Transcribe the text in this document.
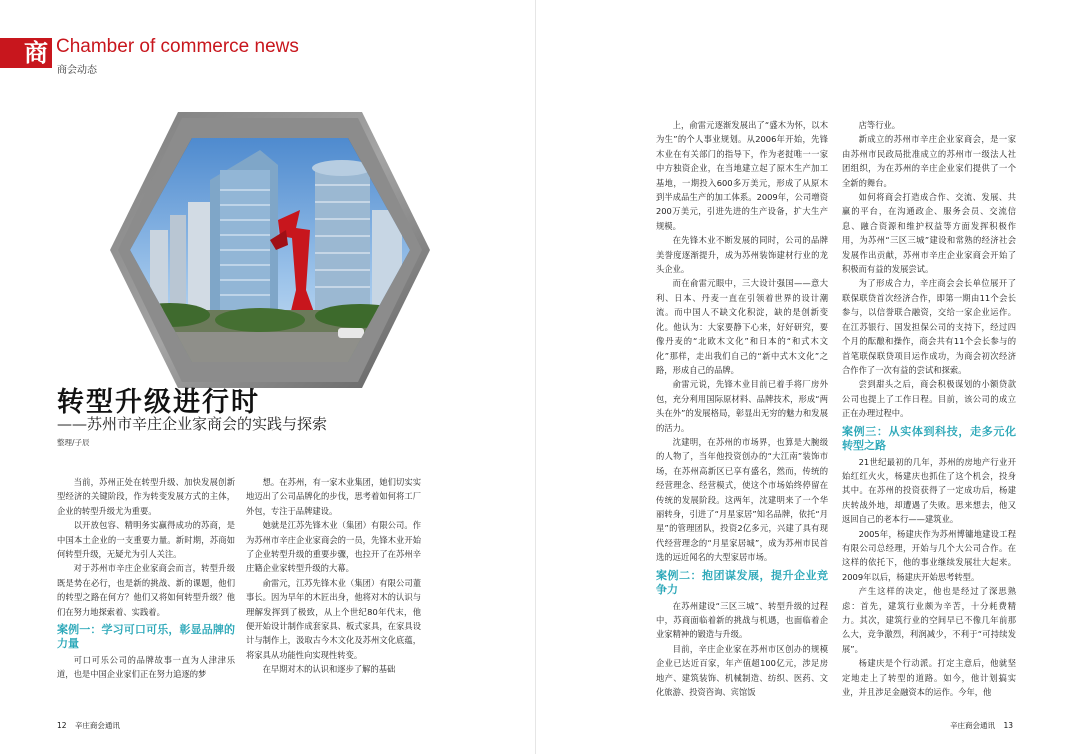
商 Chamber of commerce news
商会动态
转型升级进行时
——苏州市辛庄企业家商会的实践与探索
整理/子辰

当前，苏州正处在转型升级、加快发展创新型经济的关键阶段，作为转变发展方式的主体，企业的转型升级尤为重要。

以开放包容、精明务实赢得成功的苏商，是中国本土企业的一支重要力量。新时期，苏商如何转型升级，无疑尤为引人关注。

对于苏州市辛庄企业家商会而言，转型升级既是势在必行，也是新的挑战、新的课题，他们的转型之路在何方？他们又将如何转型升级？他们在努力地探索着、实践着。

案例一：学习可口可乐，彰显品牌的力量

可口可乐公司的品牌故事一直为人津津乐道，也是中国企业家们正在努力追逐的梦

想。在苏州，有一家木业集团，她们切实实地迈出了公司品牌化的步伐，思考着如何将工厂外包，专注于品牌建设。

她就是江苏先锋木业（集团）有限公司。作为苏州市辛庄企业家商会的一员，先锋木业开始了企业转型升级的重要步骤，也拉开了在苏州辛庄籍企业家转型升级的大幕。

俞雷元，江苏先锋木业（集团）有限公司董事长。因为早年的木匠出身，他将对木的认识与理解发挥到了极致，从上个世纪80年代末，他便开始设计制作成套家具、板式家具，在家具设计与制作上，汲取古今木文化及苏州文化底蕴，将家具从功能性向实现性转变。

在早期对木的认识和逐步了解的基础

12 辛庄商会通讯

上，俞雷元逐渐发展出了“盛木为怀，以木为生”的个人事业规划。从2006年开始，先锋木业在有关部门的指导下，作为老挝唯一一家中方独资企业，在当地建立起了原木生产加工基地，一期投入600多万美元，形成了从原木到半成品生产的加工体系。2009年，公司增资200万美元，引进先进的生产设备，扩大生产规模。

在先锋木业不断发展的同时，公司的品牌美誉度逐渐提升，成为苏州装饰建材行业的龙头企业。

而在俞雷元眼中，三大设计强国——意大利、日本、丹麦一直在引领着世界的设计潮流。而中国人不缺文化积淀，缺的是创新变化。他认为：大家要静下心来，好好研究，要像丹麦的“北欧木文化”和日本的“和式木文化”那样，走出我们自己的“新中式木文化”之路，形成自己的品牌。

俞雷元说，先锋木业目前已着手将厂房外包，充分利用国际原材料、品牌技术，形成“两头在外”的发展格局，彰显出无穷的魅力和发展的活力。

沈建明，在苏州的市场界，也算是大腕级的人物了，当年他投资创办的“大江南”装饰市场，在苏州高新区已享有盛名，然而，传统的经营理念、经营模式，使这个市场始终停留在传统的发展阶段。这两年，沈建明来了一个华丽转身，引进了“月星家居”知名品牌，依托“月星”的管理团队，投资2亿多元，兴建了具有现代经营理念的“月星家居城”，成为苏州市民首选的远近闻名的大型家居市场。

案例二：抱团谋发展，提升企业竞争力

在苏州建设“三区三城”、转型升级的过程中，苏商面临着新的挑战与机遇，也面临着企业家精神的锻造与升级。

目前，辛庄企业家在苏州市区创办的规模企业已达近百家，年产值超100亿元，涉足房地产、建筑装饰、机械制造、纺织、医药、文化旅游、投资咨询、宾馆饭

店等行业。

新成立的苏州市辛庄企业家商会，是一家由苏州市民政局批准成立的苏州市一级法人社团组织，为在苏州的辛庄企业家们提供了一个全新的舞台。

如何将商会打造成合作、交流、发展、共赢的平台，在沟通政企、服务会员、交流信息、融合资源和维护权益等方面发挥积极作用，为苏州“三区三城”建设和常熟的经济社会发展作出贡献，苏州市辛庄企业家商会开始了积极而有益的发展尝试。

为了形成合力，辛庄商会会长单位展开了联保联贷首次经济合作，即第一期由11个会长参与，以信誉联合融资，交给一家企业运作。在江苏银行、国发担保公司的支持下，经过四个月的酝酿和操作，商会共有11个会长参与的首笔联保联贷项目运作成功，为商会初次经济合作作了一次有益的尝试和探索。

尝到甜头之后，商会积极谋划的小额贷款公司也提上了工作日程。目前，该公司的成立正在办理过程中。

案例三：从实体到科技，走多元化转型之路

21世纪最初的几年，苏州的房地产行业开始红红火火，杨建庆也抓住了这个机会，投身其中。在苏州的投资获得了一定成功后，杨建庆转战外地，却遭遇了失败。思来想去，他又返回自己的老本行——建筑业。

2005年，杨建庆作为苏州博镛地建设工程有限公司总经理，开始与几个大公司合作。在这样的依托下，他的事业继续发展壮大起来。2009年以后，杨建庆开始思考转型。

产生这样的决定，他也是经过了深思熟虑：首先，建筑行业颇为辛苦，十分耗费精力。其次，建筑行业的空间早已不像几年前那么大，竞争激烈，利润减少，不利于“可持续发展”。

杨建庆是个行动派。打定主意后，他就坚定地走上了转型的道路。如今，他计划搞实业，并且涉足金融资本的运作。今年，他

辛庄商会通讯 13
